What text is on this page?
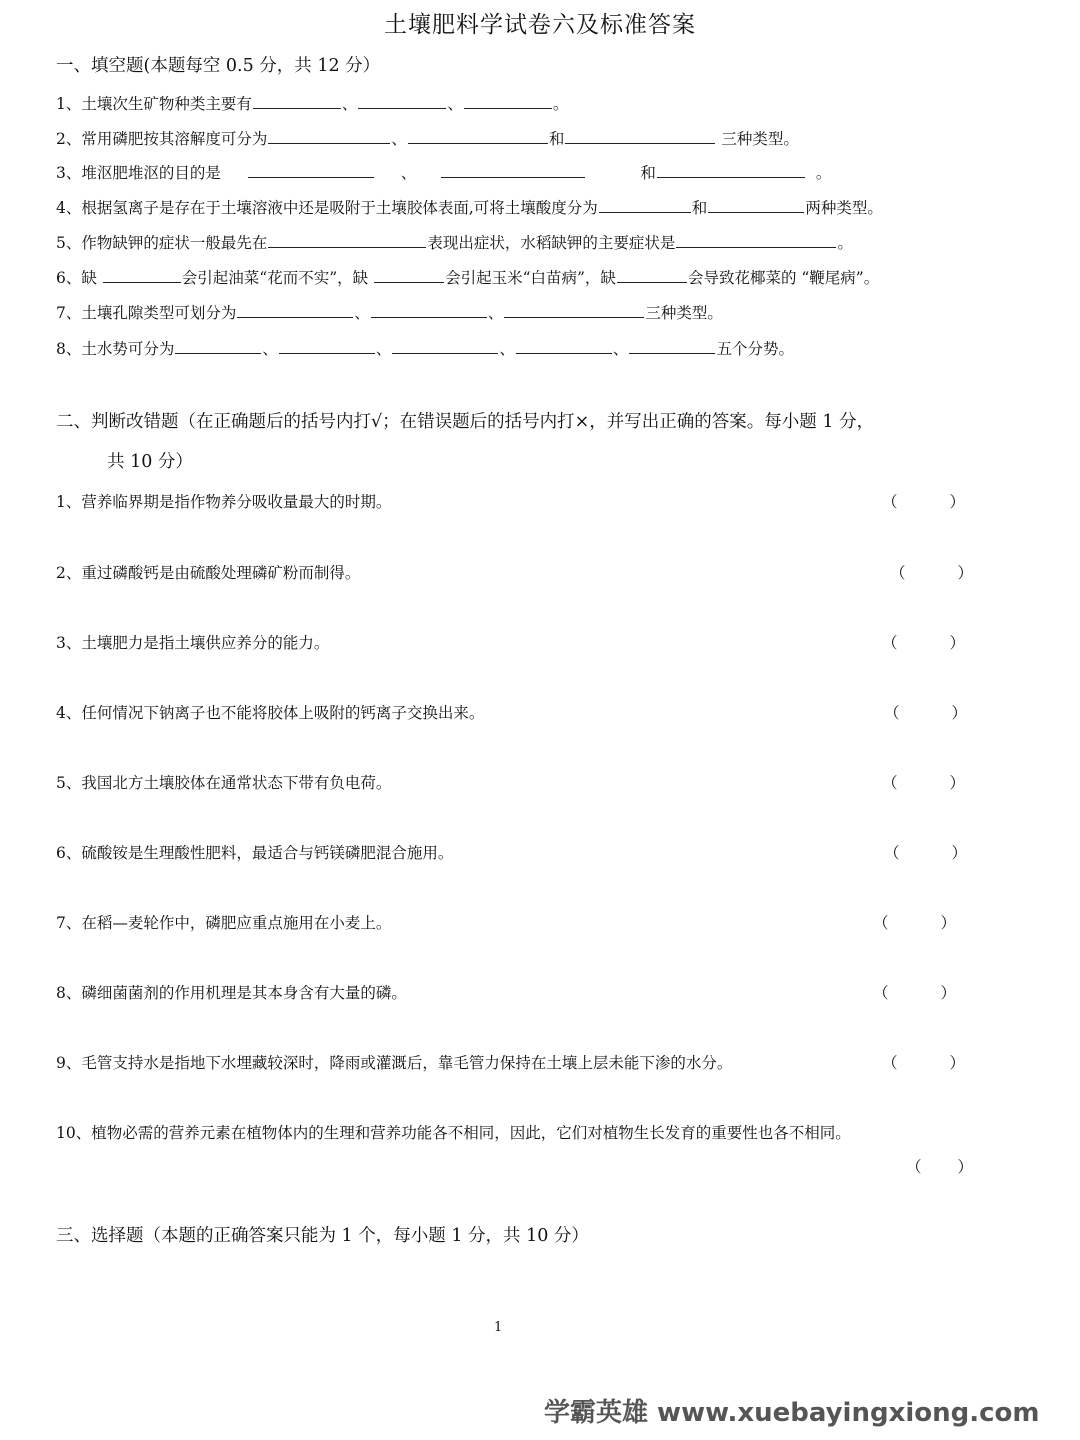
土壤肥料学试卷六及标准答案
一、填空题(本题每空 0.5 分，共 12 分）
1、土壤次生矿物种类主要有	、	、	。
2、常用磷肥按其溶解度可分为	、	和	三种类型。
3、堆沤肥堆沤的目的是	、	和	。
4、根据氢离子是存在于土壤溶液中还是吸附于土壤胶体表面,可将土壤酸度分为	和	两种类型。
5、作物缺钾的症状一般最先在	表现出症状，水稻缺钾的主要症状是	。
6、缺	会引起油菜“花而不实”，缺	会引起玉米“白苗病”，缺	会导致花椰菜的 “鞭尾病”。
7、土壤孔隙类型可划分为	、	、	三种类型。
8、土水势可分为	、	、	、	、	五个分势。
二、判断改错题（在正确题后的括号内打√；在错误题后的括号内打×，并写出正确的答案。每小题 1 分，
共 10 分）
1、营养临界期是指作物养分吸收量最大的时期。	（	）
2、重过磷酸钙是由硫酸处理磷矿粉而制得。	（	）
3、土壤肥力是指土壤供应养分的能力。	（	）
4、任何情况下钠离子也不能将胶体上吸附的钙离子交换出来。	（	）
5、我国北方土壤胶体在通常状态下带有负电荷。	（	）
6、硫酸铵是生理酸性肥料，最适合与钙镁磷肥混合施用。	（	）
7、在稻—麦轮作中，磷肥应重点施用在小麦上。	（	）
8、磷细菌菌剂的作用机理是其本身含有大量的磷。	（	）
9、毛管支持水是指地下水埋藏较深时，降雨或灌溉后，靠毛管力保持在土壤上层未能下渗的水分。	（	）
10、植物必需的营养元素在植物体内的生理和营养功能各不相同，因此，它们对植物生长发育的重要性也各不相同。
（ ）
三、选择题（本题的正确答案只能为 1 个，每小题 1 分，共 10 分）
1
学霸英雄 www.xuebayingxiong.com
